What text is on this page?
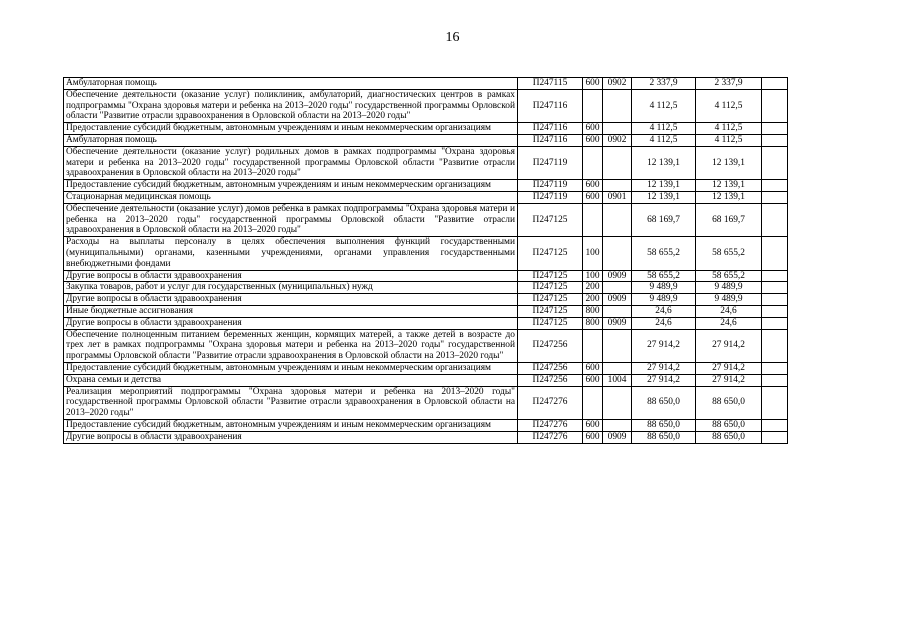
16
Амбулаторная помощь	П247115	600	0902	2 337,9	2 337,9	
Обеспечение деятельности (оказание услуг) поликлиник, амбулаторий, диагностических центров в рамках подпрограммы "Охрана здоровья матери и ребенка на 2013–2020 годы" государственной программы Орловской области "Развитие отрасли здравоохранения в Орловской области на 2013–2020 годы"	П247116			4 112,5	4 112,5	
Предоставление субсидий бюджетным, автономным учреждениям и иным некоммерческим организациям	П247116	600		4 112,5	4 112,5	
Амбулаторная помощь	П247116	600	0902	4 112,5	4 112,5	
Обеспечение деятельности (оказание услуг) родильных домов в рамках подпрограммы "Охрана здоровья матери и ребенка на 2013–2020 годы" государственной программы Орловской области "Развитие отрасли здравоохранения в Орловской области на 2013–2020 годы"	П247119			12 139,1	12 139,1	
Предоставление субсидий бюджетным, автономным учреждениям и иным некоммерческим организациям	П247119	600		12 139,1	12 139,1	
Стационарная медицинская помощь	П247119	600	0901	12 139,1	12 139,1	
Обеспечение деятельности (оказание услуг) домов ребенка в рамках подпрограммы "Охрана здоровья матери и ребенка на 2013–2020 годы" государственной программы Орловской области "Развитие отрасли здравоохранения в Орловской области на 2013–2020 годы"	П247125			68 169,7	68 169,7	
Расходы на выплаты персоналу в целях обеспечения выполнения функций государственными (муниципальными) органами, казенными учреждениями, органами управления государственными внебюджетными фондами	П247125	100		58 655,2	58 655,2	
Другие вопросы в области здравоохранения	П247125	100	0909	58 655,2	58 655,2	
Закупка товаров, работ и услуг для государственных (муниципальных) нужд	П247125	200		9 489,9	9 489,9	
Другие вопросы в области здравоохранения	П247125	200	0909	9 489,9	9 489,9	
Иные бюджетные ассигнования	П247125	800		24,6	24,6	
Другие вопросы в области здравоохранения	П247125	800	0909	24,6	24,6	
Обеспечение полноценным питанием беременных женщин, кормящих матерей, а также детей в возрасте до трех лет в рамках подпрограммы "Охрана здоровья матери и ребенка на 2013–2020 годы" государственной программы Орловской области "Развитие отрасли здравоохранения в Орловской области на 2013–2020 годы"	П247256			27 914,2	27 914,2	
Предоставление субсидий бюджетным, автономным учреждениям и иным некоммерческим организациям	П247256	600		27 914,2	27 914,2	
Охрана семьи и детства	П247256	600	1004	27 914,2	27 914,2	
Реализация мероприятий подпрограммы "Охрана здоровья матери и ребенка на 2013–2020 годы" государственной программы Орловской области "Развитие отрасли здравоохранения в Орловской области на 2013–2020 годы"	П247276			88 650,0	88 650,0	
Предоставление субсидий бюджетным, автономным учреждениям и иным некоммерческим организациям	П247276	600		88 650,0	88 650,0	
Другие вопросы в области здравоохранения	П247276	600	0909	88 650,0	88 650,0	
